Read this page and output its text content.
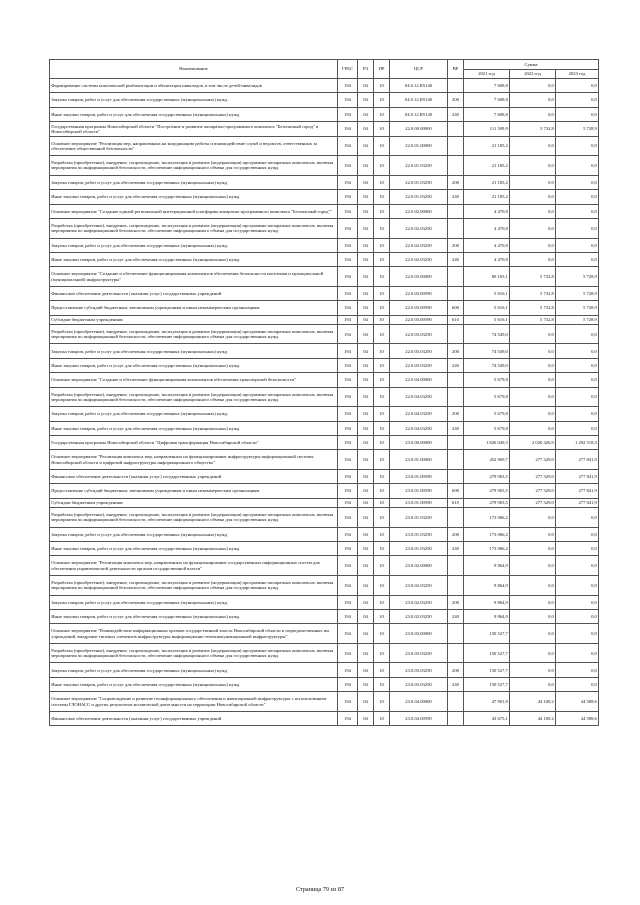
Наименование	ГРБС	РЗ	ПР	ЦСР	ВР	Сумма		
						2021 год	2022 год	2023 год
Формирование системы комплексной реабилитации и абилитации инвалидов, в том числе детей-инвалидов	194	04	10	04.0.12.R5140		7 608,8	0,0	0,0
Закупка товаров, работ и услуг для обеспечения государственных (муниципальных) нужд	194	04	10	04.0.12.R5140	200	7 608,8	0,0	0,0
Иные закупки товаров, работ и услуг для обеспечения государственных (муниципальных) нужд	194	04	10	04.0.12.R5140	240	7 608,8	0,0	0,0
Государственная программа Новосибирской области "Построение и развитие аппаратно-программного комплекса "Безопасный город" в Новосибирской области"	194	04	10	22.0.00.00000		111 509,9	5 732,8	5 728,9
Основное мероприятие "Реализация мер, направленных на координацию работы и взаимодействие служб и ведомств, ответственных за обеспечение общественной безопасности"	194	04	10	22.0.01.00000		21 185,2	0,0	0,0
Разработка (приобретение), внедрение, сопровождение, эксплуатация и развитие (модернизация) программно-аппаратных комплексов, включая мероприятия по информационной безопасности, обеспечение информационного обмена для государственных нужд	194	04	10	22.0.01.03250		21 185,2	0,0	0,0
Закупка товаров, работ и услуг для обеспечения государственных (муниципальных) нужд	194	04	10	22.0.01.03250	200	21 185,2	0,0	0,0
Иные закупки товаров, работ и услуг для обеспечения государственных (муниципальных) нужд	194	04	10	22.0.01.03250	240	21 185,2	0,0	0,0
Основное мероприятие "Создание единой региональной интеграционной платформы аппаратно-программного комплекса "Безопасный город""	194	04	10	22.0.02.00000		4 470,8	0,0	0,0
Разработка (приобретение), внедрение, сопровождение, эксплуатация и развитие (модернизация) программно-аппаратных комплексов, включая мероприятия по информационной безопасности, обеспечение информационного обмена для государственных нужд	194	04	10	22.0.02.03250		4 470,8	0,0	0,0
Закупка товаров, работ и услуг для обеспечения государственных (муниципальных) нужд	194	04	10	22.0.02.03250	200	4 470,8	0,0	0,0
Иные закупки товаров, работ и услуг для обеспечения государственных (муниципальных) нужд	194	04	10	22.0.02.03250	240	4 470,8	0,0	0,0
Основное мероприятие "Создание и обеспечение функционирования компонентов обеспечения безопасности населения и муниципальной (муниципальной) инфраструктуры"	194	04	10	22.0.03.00000		80 165,1	5 732,8	5 728,9
Финансовое обеспечение деятельности (оказания услуг) государственных учреждений	194	04	10	22.0.03.00590		5 616,1	5 732,8	5 728,9
Предоставление субсидий бюджетным, автономным учреждениям и иным некоммерческим организациям	194	04	10	22.0.03.00590	600	5 616,1	5 732,8	5 728,9
Субсидии бюджетным учреждениям	194	04	10	22.0.03.00590	610	5 616,1	5 732,8	5 728,9
Разработка (приобретение), внедрение, сопровождение, эксплуатация и развитие (модернизация) программно-аппаратных комплексов, включая мероприятия по информационной безопасности, обеспечение информационного обмена для государственных нужд	194	04	10	22.0.03.03250		74 549,0	0,0	0,0
Закупка товаров, работ и услуг для обеспечения государственных (муниципальных) нужд	194	04	10	22.0.03.03250	200	74 549,0	0,0	0,0
Иные закупки товаров, работ и услуг для обеспечения государственных (муниципальных) нужд	194	04	10	22.0.03.03250	240	74 549,0	0,0	0,0
Основное мероприятие "Создание и обеспечение функционирования компонентов обеспечения транспортной безопасности"	194	04	10	22.0.04.00000		5 679,8	0,0	0,0
Разработка (приобретение), внедрение, сопровождение, эксплуатация и развитие (модернизация) программно-аппаратных комплексов, включая мероприятия по информационной безопасности, обеспечение информационного обмена для государственных нужд	194	04	10	22.0.04.03250		5 679,8	0,0	0,0
Закупка товаров, работ и услуг для обеспечения государственных (муниципальных) нужд	194	04	10	22.0.04.03250	200	5 679,8	0,0	0,0
Иные закупки товаров, работ и услуг для обеспечения государственных (муниципальных) нужд	194	04	10	22.0.04.03250	240	5 679,8	0,0	0,0
Государственная программа Новосибирской области "Цифровая трансформация Новосибирской области"	194	04	10	23.0.00.00000		1 826 049,3	2 020 426,9	1 292 518,3
Основное мероприятие "Реализация комплекса мер, направленных на функционирование инфраструктуры информационной системы Новосибирской области и цифровой инфраструктуры информационного общества"	194	04	10	23.0.01.00000		452 969,7	277 329,0	277 841,9
Финансовое обеспечение деятельности (оказания услуг) государственных учреждений	194	04	10	23.0.01.00590		279 903,5	277 329,0	277 841,9
Предоставление субсидий бюджетным, автономным учреждениям и иным некоммерческим организациям	194	04	10	23.0.01.00590	600	279 903,5	277 329,0	277 841,9
Субсидии бюджетным учреждениям	194	04	10	23.0.01.00590	610	279 903,5	277 329,0	277 841,9
Разработка (приобретение), внедрение, сопровождение, эксплуатация и развитие (модернизация) программно-аппаратных комплексов, включая мероприятия по информационной безопасности, обеспечение информационного обмена для государственных нужд	194	04	10	23.0.01.03250		173 066,2	0,0	0,0
Закупка товаров, работ и услуг для обеспечения государственных (муниципальных) нужд	194	04	10	23.0.01.03250	200	173 066,2	0,0	0,0
Иные закупки товаров, работ и услуг для обеспечения государственных (муниципальных) нужд	194	04	10	23.0.01.03250	240	173 066,2	0,0	0,0
Основное мероприятие "Реализация комплекса мер, направленных на функционирование государственных информационных систем для обеспечения управленческой деятельности органов государственной власти"	194	04	10	23.0.02.00000		9 864,9	0,0	0,0
Разработка (приобретение), внедрение, сопровождение, эксплуатация и развитие (модернизация) программно-аппаратных комплексов, включая мероприятия по информационной безопасности, обеспечение информационного обмена для государственных нужд	194	04	10	23.0.02.03250		9 864,9	0,0	0,0
Закупка товаров, работ и услуг для обеспечения государственных (муниципальных) нужд	194	04	10	23.0.02.03250	200	9 864,9	0,0	0,0
Иные закупки товаров, работ и услуг для обеспечения государственных (муниципальных) нужд	194	04	10	23.0.02.03250	240	9 864,9	0,0	0,0
Основное мероприятие "Взаимодействие информационных органов государственной власти Новосибирской области и подведомственных им учреждений, внедрение типовых элементов инфраструктуры информационно-телекоммуникационной инфраструктуры"	194	04	10	23.0.03.00000		150 527,7	0,0	0,0
Разработка (приобретение), внедрение, сопровождение, эксплуатация и развитие (модернизация) программно-аппаратных комплексов, включая мероприятия по информационной безопасности, обеспечение информационного обмена для государственных нужд	194	04	10	23.0.03.03250		150 527,7	0,0	0,0
Закупка товаров, работ и услуг для обеспечения государственных (муниципальных) нужд	194	04	10	23.0.03.03250	200	150 527,7	0,0	0,0
Иные закупки товаров, работ и услуг для обеспечения государственных (муниципальных) нужд	194	04	10	23.0.03.03250	240	150 527,7	0,0	0,0
Основное мероприятие "Сопровождение и развитие геоинформационного обеспечения и навигационной инфраструктуры с использованием системы ГЛОНАСС и других результатов космической деятельности на территории Новосибирской области"	194	04	10	23.0.04.00000		47 901,8	44 100,2	44 588,6
Финансовое обеспечение деятельности (оказания услуг) государственных учреждений	194	04	10	23.0.04.00590		43 675,1	44 100,2	44 588,6
Страница 79 из 87
